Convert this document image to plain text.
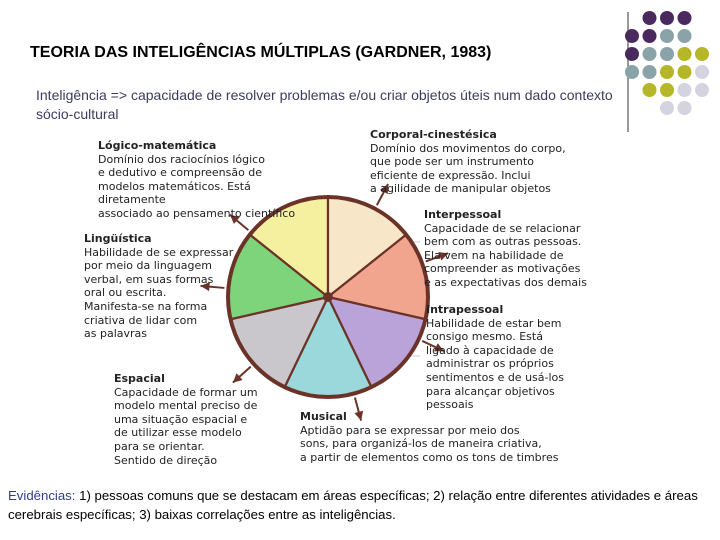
TEORIA DAS INTELIGÊNCIAS MÚLTIPLAS (GARDNER, 1983)
Inteligência => capacidade de resolver problemas e/ou criar objetos úteis num dado contexto sócio-cultural
Lógico-matemática
Domínio dos raciocínios lógico
e dedutivo e compreensão de
modelos matemáticos. Está diretamente
associado ao pensamento científico
Corporal-cinestésica
Domínio dos movimentos do corpo,
que pode ser um instrumento
eficiente de expressão. Inclui
a agilidade de manipular objetos
Interpessoal
Capacidade de se relacionar
bem com as outras pessoas.
Ela vem na habilidade de
compreender as motivações
e as expectativas dos demais
Intrapessoal
Habilidade de estar bem
consigo mesmo. Está
ligado à capacidade de
administrar os próprios
sentimentos e de usá-los
para alcançar objetivos
pessoais
Musical
Aptidão para se expressar por meio dos
sons, para organizá-los de maneira criativa,
a partir de elementos como os tons de timbres
Espacial
Capacidade de formar um
modelo mental preciso de
uma situação espacial e
de utilizar esse modelo
para se orientar.
Sentido de direção
Lingüística
Habilidade de se expressar
por meio da linguagem
verbal, em suas formas
oral ou escrita.
Manifesta-se na forma
criativa de lidar com
as palavras
Evidências: 1) pessoas comuns que se destacam em áreas específicas; 2) relação entre diferentes atividades e áreas cerebrais específicas; 3) baixas correlações entre as inteligências.
